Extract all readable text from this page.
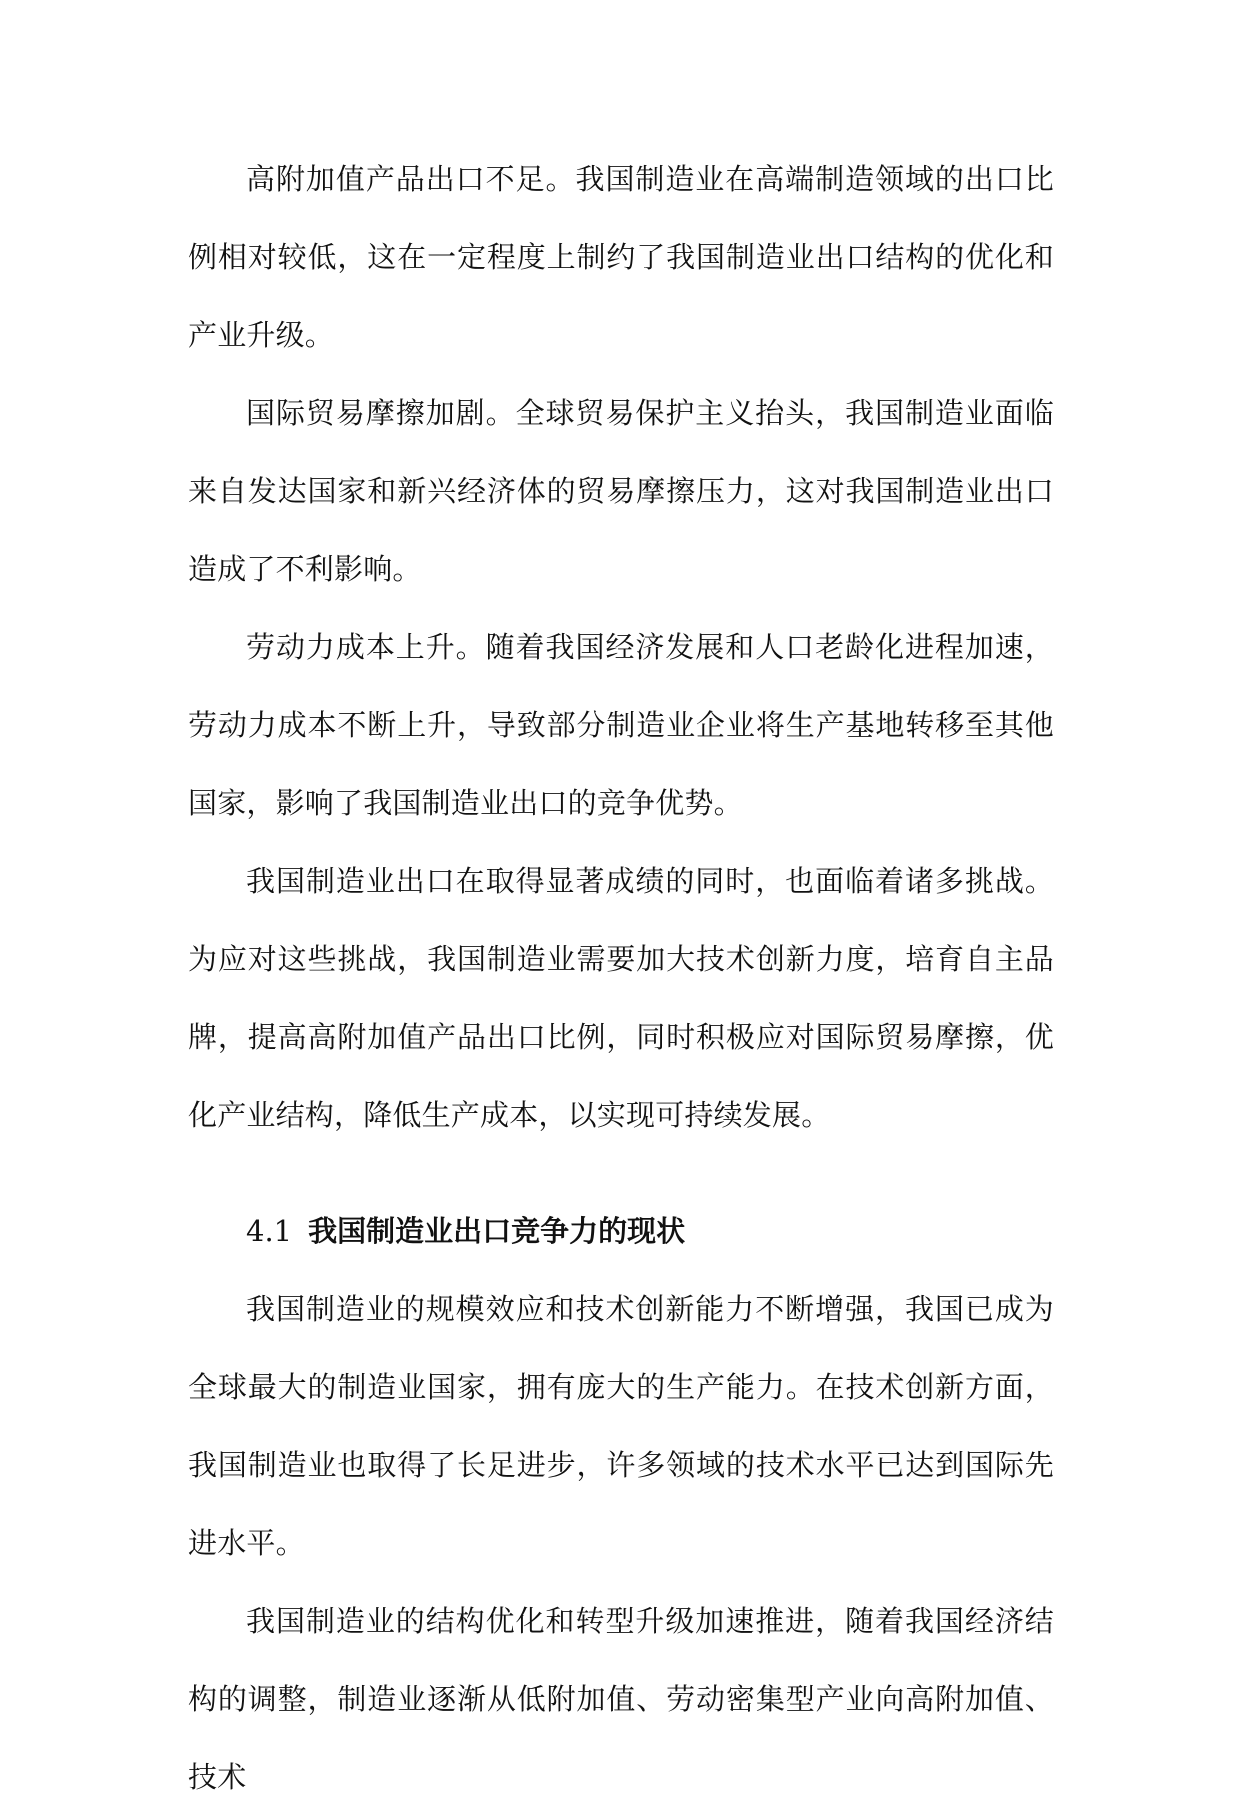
高附加值产品出口不足。我国制造业在高端制造领域的出口比例相对较低，这在一定程度上制约了我国制造业出口结构的优化和产业升级。

国际贸易摩擦加剧。全球贸易保护主义抬头，我国制造业面临来自发达国家和新兴经济体的贸易摩擦压力，这对我国制造业出口造成了不利影响。

劳动力成本上升。随着我国经济发展和人口老龄化进程加速，劳动力成本不断上升，导致部分制造业企业将生产基地转移至其他国家，影响了我国制造业出口的竞争优势。

我国制造业出口在取得显著成绩的同时，也面临着诸多挑战。为应对这些挑战，我国制造业需要加大技术创新力度，培育自主品牌，提高高附加值产品出口比例，同时积极应对国际贸易摩擦，优化产业结构，降低生产成本，以实现可持续发展。

4.1 我国制造业出口竞争力的现状

我国制造业的规模效应和技术创新能力不断增强，我国已成为全球最大的制造业国家，拥有庞大的生产能力。在技术创新方面，我国制造业也取得了长足进步，许多领域的技术水平已达到国际先进水平。

我国制造业的结构优化和转型升级加速推进，随着我国经济结构的调整，制造业逐渐从低附加值、劳动密集型产业向高附加值、技术
